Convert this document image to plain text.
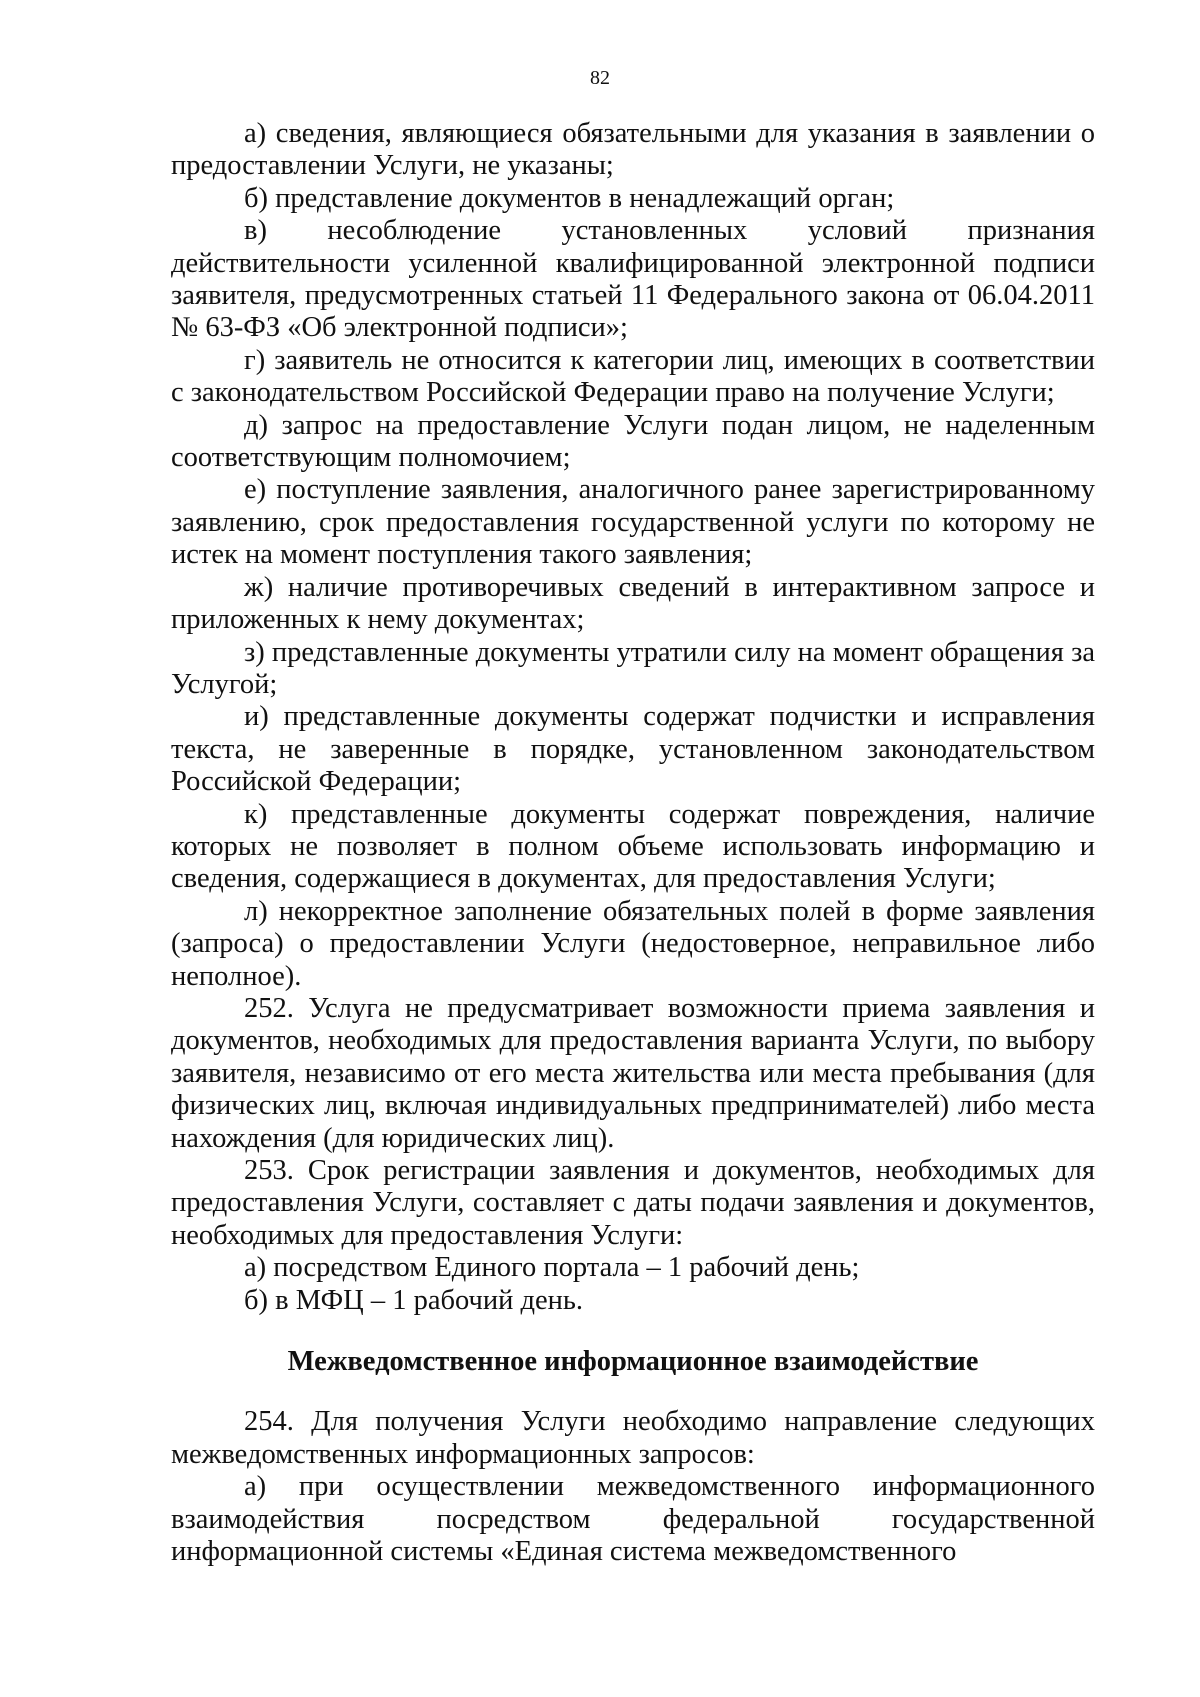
82

а) сведения, являющиеся обязательными для указания в заявлении о предоставлении Услуги, не указаны;

б) представление документов в ненадлежащий орган;

в) несоблюдение установленных условий признания действительности усиленной квалифицированной электронной подписи заявителя, предусмотренных статьей 11 Федерального закона от 06.04.2011 № 63-ФЗ «Об электронной подписи»;

г) заявитель не относится к категории лиц, имеющих в соответствии с законодательством Российской Федерации право на получение Услуги;

д) запрос на предоставление Услуги подан лицом, не наделенным соответствующим полномочием;

е) поступление заявления, аналогичного ранее зарегистрированному заявлению, срок предоставления государственной услуги по которому не истек на момент поступления такого заявления;

ж) наличие противоречивых сведений в интерактивном запросе и приложенных к нему документах;

з) представленные документы утратили силу на момент обращения за Услугой;

и) представленные документы содержат подчистки и исправления текста, не заверенные в порядке, установленном законодательством Российской Федерации;

к) представленные документы содержат повреждения, наличие которых не позволяет в полном объеме использовать информацию и сведения, содержащиеся в документах, для предоставления Услуги;

л) некорректное заполнение обязательных полей в форме заявления (запроса) о предоставлении Услуги (недостоверное, неправильное либо неполное).

252. Услуга не предусматривает возможности приема заявления и документов, необходимых для предоставления варианта Услуги, по выбору заявителя, независимо от его места жительства или места пребывания (для физических лиц, включая индивидуальных предпринимателей) либо места нахождения (для юридических лиц).

253. Срок регистрации заявления и документов, необходимых для предоставления Услуги, составляет с даты подачи заявления и документов, необходимых для предоставления Услуги:

а) посредством Единого портала – 1 рабочий день;

б) в МФЦ – 1 рабочий день.

Межведомственное информационное взаимодействие

254. Для получения Услуги необходимо направление следующих межведомственных информационных запросов:

а) при осуществлении межведомственного информационного взаимодействия посредством федеральной государственной информационной системы «Единая система межведомственного
